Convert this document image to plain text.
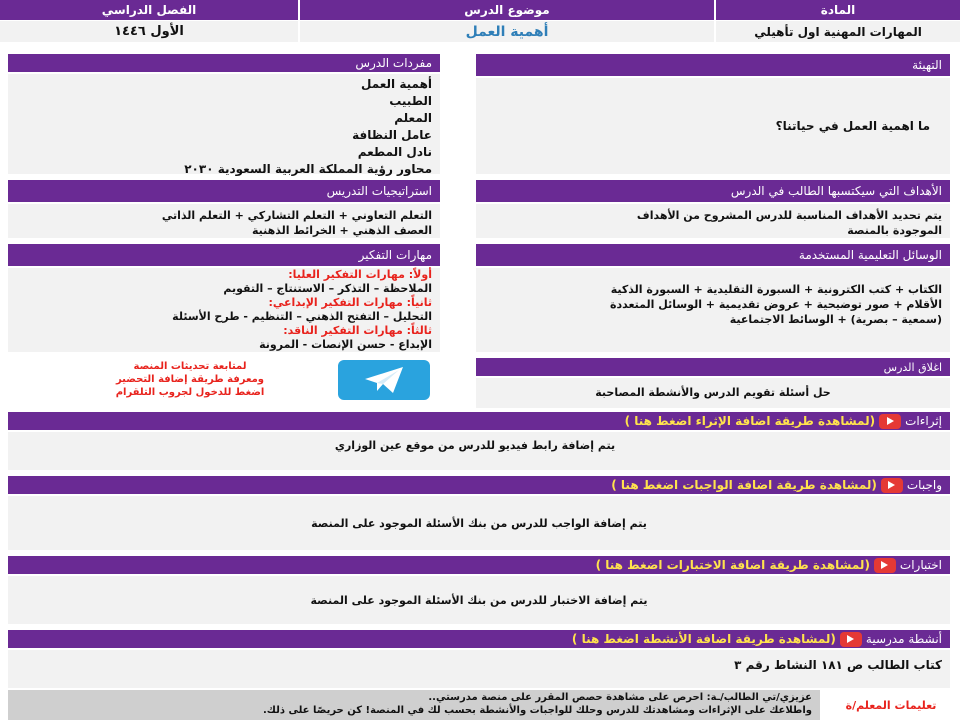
المادة
موضوع الدرس
الفصل الدراسي
المهارات المهنية اول تأهيلي
أهمية العمل
الأول ١٤٤٦
التهيئة
ما اهمية العمل في حياتنا؟
مفردات الدرس
أهمية العمل
الطبيب
المعلم
عامل النظافة
نادل المطعم
محاور رؤية المملكة العربية السعودية ٢٠٣٠
الأهداف التي سيكتسبها الطالب في الدرس
يتم تحديد الأهداف المناسبة للدرس المشروح من الأهداف الموجودة بالمنصة
استراتيجيات التدريس
التعلم التعاوني + التعلم التشاركي + التعلم الذاتي
العصف الذهني + الخرائط الذهنية
الوسائل التعليمية المستخدمة
الكتاب + كتب الكترونية + السبورة التقليدية + السبورة الذكية
الأقلام + صور توضيحية + عروض تقديمية + الوسائل المتعددة
(سمعية – بصرية) + الوسائط الاجتماعية
مهارات التفكير
أولاً: مهارات التفكير العليا:
الملاحظة – التذكر – الاستنتاج – التقويم
ثانياً: مهارات التفكير الإبداعي:
التحليل – التفتح الذهني – التنظيم - طرح الأسئلة
ثالثاً: مهارات التفكير الناقد:
الإبداع - حسن الإنصات - المرونة
اغلاق الدرس
حل أسئلة تقويم الدرس والأنشطة المصاحبة
لمتابعة تحديثات المنصة
ومعرفة طريقة إضافة التحضير
اضغط للدخول لجروب التلقرام
إثراءات
(لمشاهدة طريقة اضافة الإثراء اضغط هنا )
يتم إضافة رابط فيديو للدرس من موقع عين الوزاري
واجبات
(لمشاهدة طريقة اضافة الواجبات اضغط هنا )
يتم إضافة الواجب للدرس من بنك الأسئلة الموجود على المنصة
اختبارات
(لمشاهدة طريقة اضافة الاختبارات اضغط هنا )
يتم إضافة الاختبار للدرس من بنك الأسئلة الموجود على المنصة
أنشطة مدرسية
(لمشاهدة طريقة اضافة الأنشطة اضغط هنا )
كتاب الطالب ص ١٨١ النشاط رقم ٣
تعليمات المعلم/ة
عزيزي/تي الطالب/ـة: احرص على مشاهدة حصص المقرر على منصة مدرستي..
واطلاعك على الإثراءات ومشاهدتك للدرس وحلك للواجبات والأنشطة بحسب لك في المنصة! كن حريصًا على ذلك.
